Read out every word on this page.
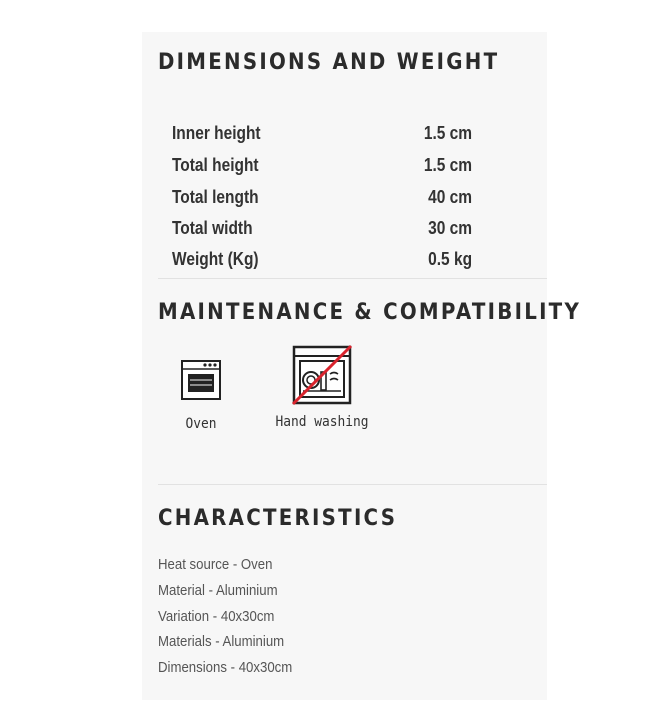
DIMENSIONS AND WEIGHT
Inner height	1.5 cm
Total height	1.5 cm
Total length	40 cm
Total width	30 cm
Weight (Kg)	0.5 kg
MAINTENANCE & COMPATIBILITY
Oven	Hand washing
CHARACTERISTICS
Heat source - Oven
Material - Aluminium
Variation - 40x30cm
Materials - Aluminium
Dimensions - 40x30cm
